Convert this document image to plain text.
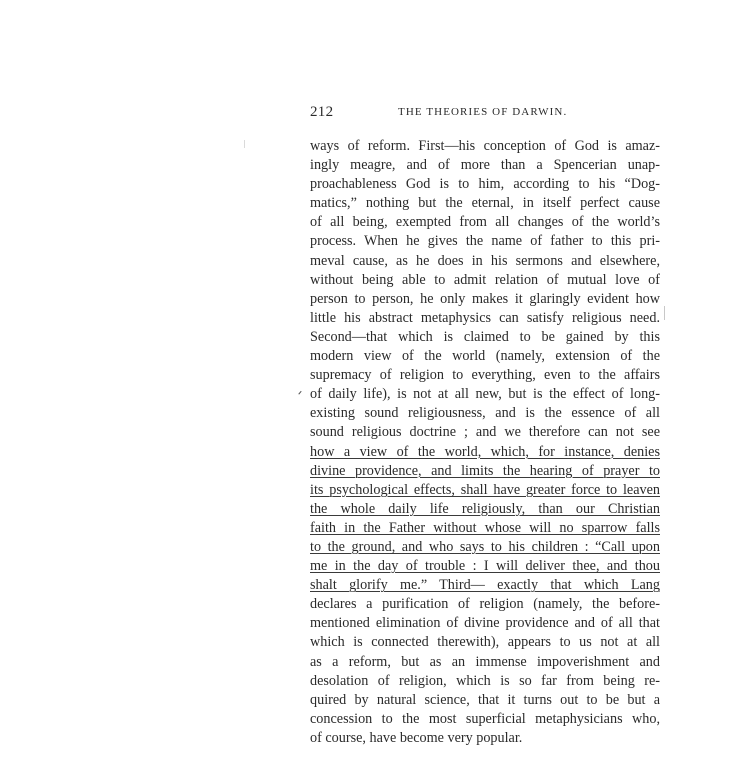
212	THE THEORIES OF DARWIN.
ways of reform. First—his conception of God is amaz-
ingly meagre, and of more than a Spencerian unap-
proachableness God is to him, according to his “Dog-
matics,” nothing but the eternal, in itself perfect cause
of all being, exempted from all changes of the world’s
process. When he gives the name of father to this pri-
meval cause, as he does in his sermons and elsewhere,
without being able to admit relation of mutual love of
person to person, he only makes it glaringly evident how
little his abstract metaphysics can satisfy religious need.
Second—that which is claimed to be gained by this
modern view of the world (namely, extension of the
supremacy of religion to everything, even to the affairs
of daily life), is not at all new, but is the effect of long-
existing sound religiousness, and is the essence of all
sound religious doctrine ; and we therefore can not see
how a view of the world, which, for instance, denies
divine providence, and limits the hearing of prayer to
its psychological effects, shall have greater force to leaven
the whole daily life religiously, than our Christian
faith in the Father without whose will no sparrow falls
to the ground, and who says to his children : “Call upon
me in the day of trouble : I will deliver thee, and thou
shalt glorify me.” Third— exactly that which Lang
declares a purification of religion (namely, the before-
mentioned elimination of divine providence and of all that
which is connected therewith), appears to us not at all
as a reform, but as an immense impoverishment and
desolation of religion, which is so far from being re-
quired by natural science, that it turns out to be but a
concession to the most superficial metaphysicians who,
of course, have become very popular.
